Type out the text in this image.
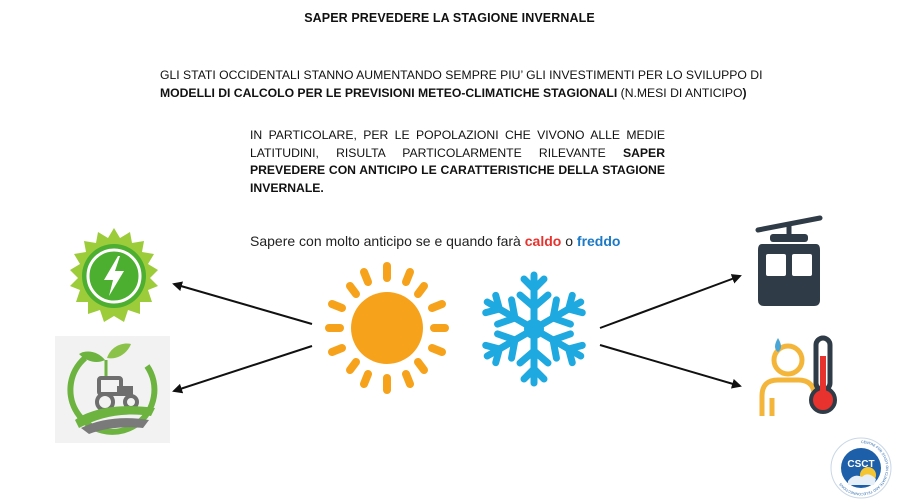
SAPER PREVEDERE LA STAGIONE INVERNALE
GLI STATI OCCIDENTALI STANNO AUMENTANDO SEMPRE PIU’ GLI INVESTIMENTI PER LO SVILUPPO DI MODELLI DI CALCOLO PER LE PREVISIONI METEO-CLIMATICHE STAGIONALI (N.MESI DI ANTICIPO)
IN PARTICOLARE, PER LE POPOLAZIONI CHE VIVONO ALLE MEDIE LATITUDINI, RISULTA PARTICOLARMENTE RILEVANTE SAPER PREVEDERE CON ANTICIPO LE CARATTERISTICHE DELLA STAGIONE INVERNALE.
Sapere con molto anticipo se e quando farà caldo o freddo
CSCT
CENTRE FOR STUDY ON CLIMATE AND TELECONNECTIONS
